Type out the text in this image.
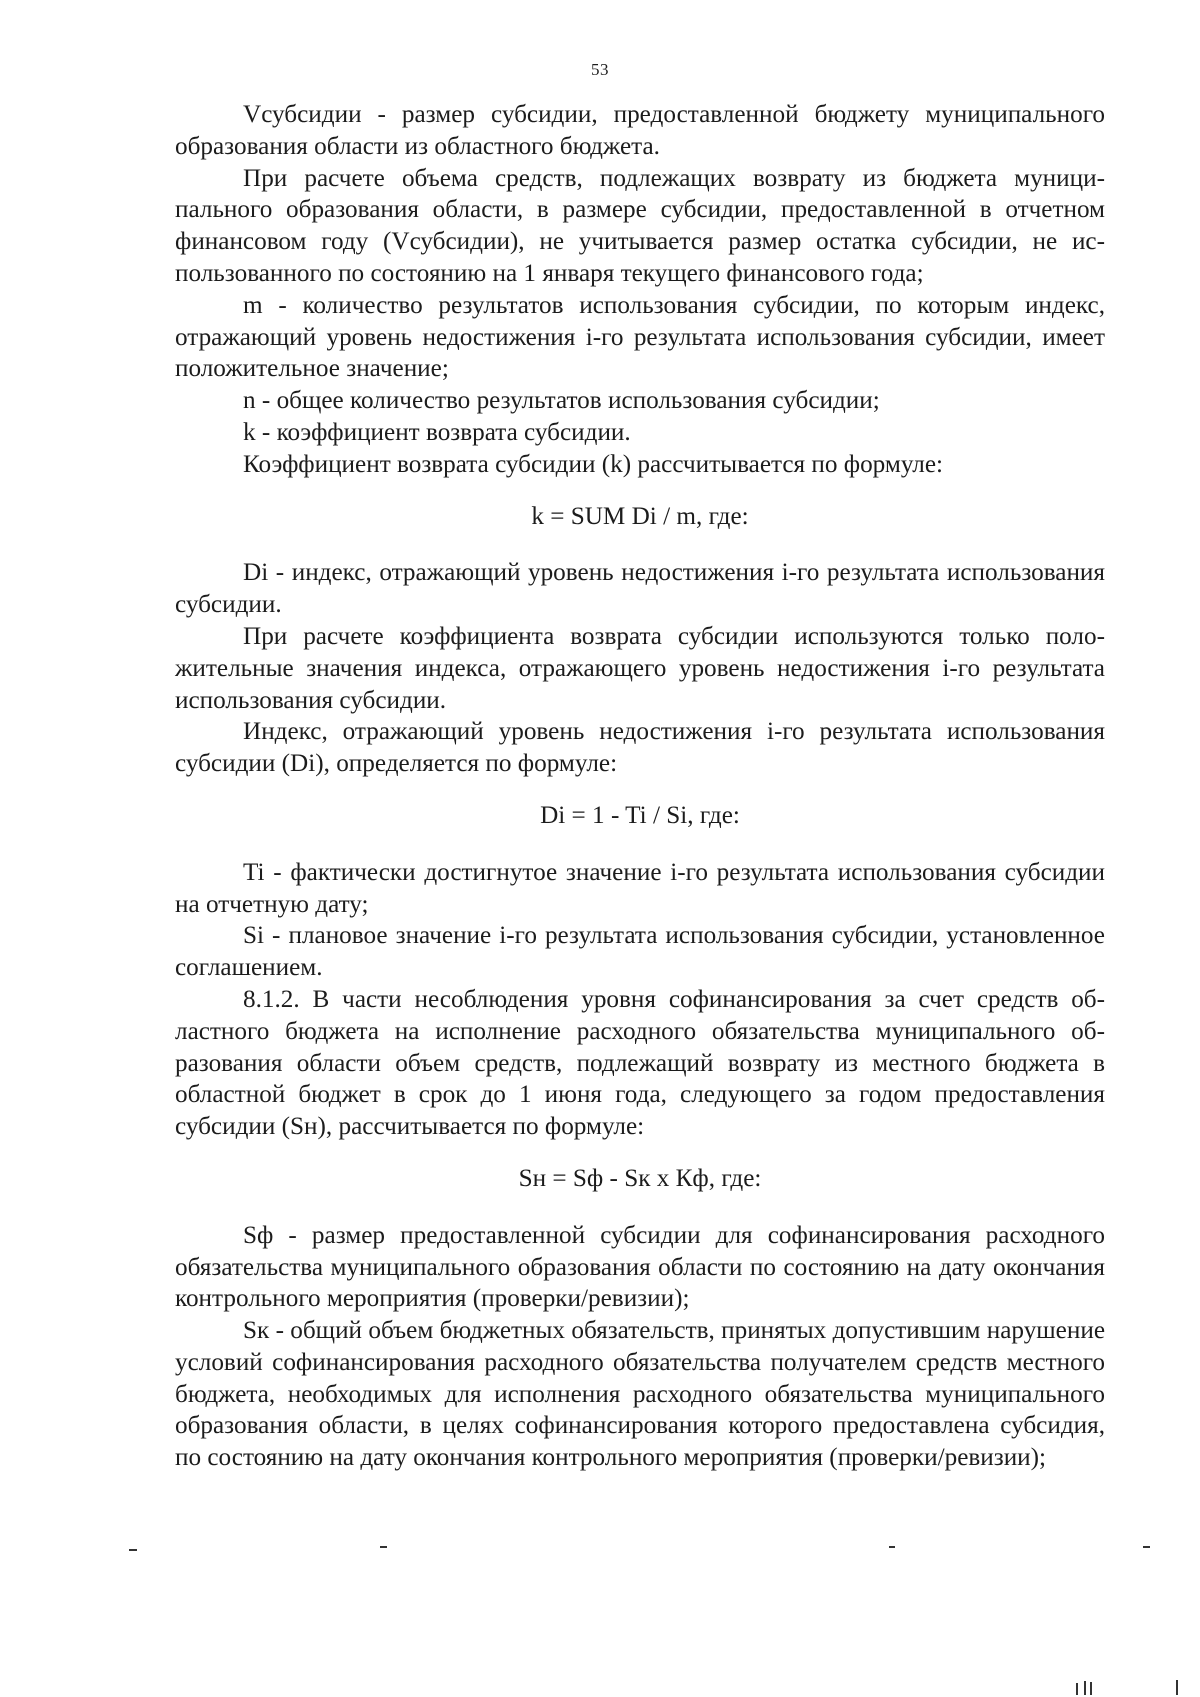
53

Vсубсидии - размер субсидии, предоставленной бюджету муниципального образования области из областного бюджета.

При расчете объема средств, подлежащих возврату из бюджета муниципального образования области, в размере субсидии, предоставленной в отчетном финансовом году (Vсубсидии), не учитывается размер остатка субсидии, не использованного по состоянию на 1 января текущего финансового года;

m - количество результатов использования субсидии, по которым индекс, отражающий уровень недостижения i-го результата использования субсидии, имеет положительное значение;

n - общее количество результатов использования субсидии;

k - коэффициент возврата субсидии.

Коэффициент возврата субсидии (k) рассчитывается по формуле:

k = SUM Di / m, где:

Di - индекс, отражающий уровень недостижения i-го результата использования субсидии.

При расчете коэффициента возврата субсидии используются только положительные значения индекса, отражающего уровень недостижения i-го результата использования субсидии.

Индекс, отражающий уровень недостижения i-го результата использования субсидии (Di), определяется по формуле:

Di = 1 - Ti / Si, где:

Ti - фактически достигнутое значение i-го результата использования субсидии на отчетную дату;

Si - плановое значение i-го результата использования субсидии, установленное соглашением.

8.1.2. В части несоблюдения уровня софинансирования за счет средств областного бюджета на исполнение расходного обязательства муниципального образования области объем средств, подлежащий возврату из местного бюджета в областной бюджет в срок до 1 июня года, следующего за годом предоставления субсидии (Sн), рассчитывается по формуле:

Sн = Sф - Sк x Кф, где:

Sф - размер предоставленной субсидии для софинансирования расходного обязательства муниципального образования области по состоянию на дату окончания контрольного мероприятия (проверки/ревизии);

Sк - общий объем бюджетных обязательств, принятых допустившим нарушение условий софинансирования расходного обязательства получателем средств местного бюджета, необходимых для исполнения расходного обязательства муниципального образования области, в целях софинансирования которого предоставлена субсидия, по состоянию на дату окончания контрольного мероприятия (проверки/ревизии);
